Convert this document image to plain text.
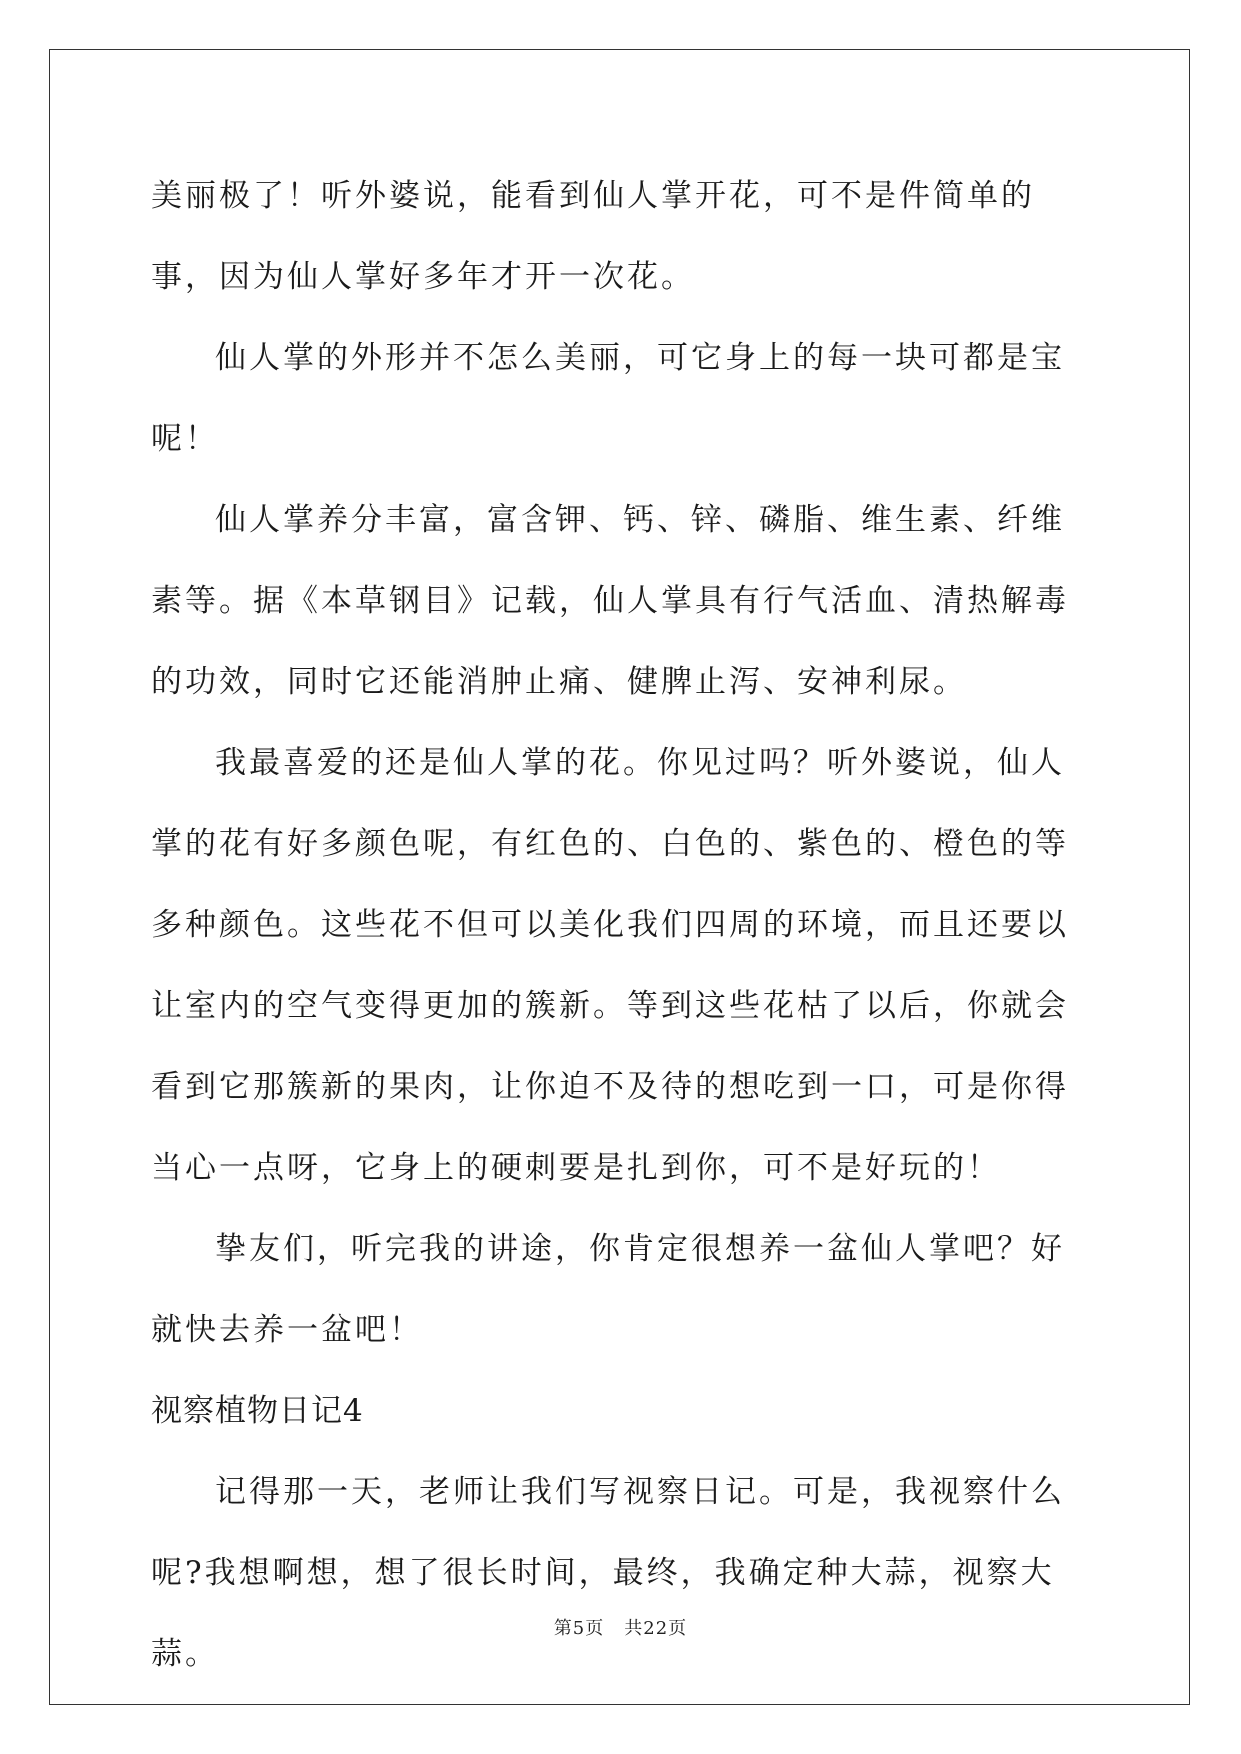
美丽极了！听外婆说，能看到仙人掌开花，可不是件简单的事，因为仙人掌好多年才开一次花。

仙人掌的外形并不怎么美丽，可它身上的每一块可都是宝呢！

仙人掌养分丰富，富含钾、钙、锌、磷脂、维生素、纤维素等。据《本草钢目》记载，仙人掌具有行气活血、清热解毒的功效，同时它还能消肿止痛、健脾止泻、安神利尿。

我最喜爱的还是仙人掌的花。你见过吗？听外婆说，仙人掌的花有好多颜色呢，有红色的、白色的、紫色的、橙色的等多种颜色。这些花不但可以美化我们四周的环境，而且还要以让室内的空气变得更加的簇新。等到这些花枯了以后，你就会看到它那簇新的果肉，让你迫不及待的想吃到一口，可是你得当心一点呀，它身上的硬刺要是扎到你，可不是好玩的！

挚友们，听完我的讲途，你肯定很想养一盆仙人掌吧？好就快去养一盆吧！

视察植物日记4

记得那一天，老师让我们写视察日记。可是，我视察什么呢?我想啊想，想了很长时间，最终，我确定种大蒜，视察大蒜。

第5页 共22页
